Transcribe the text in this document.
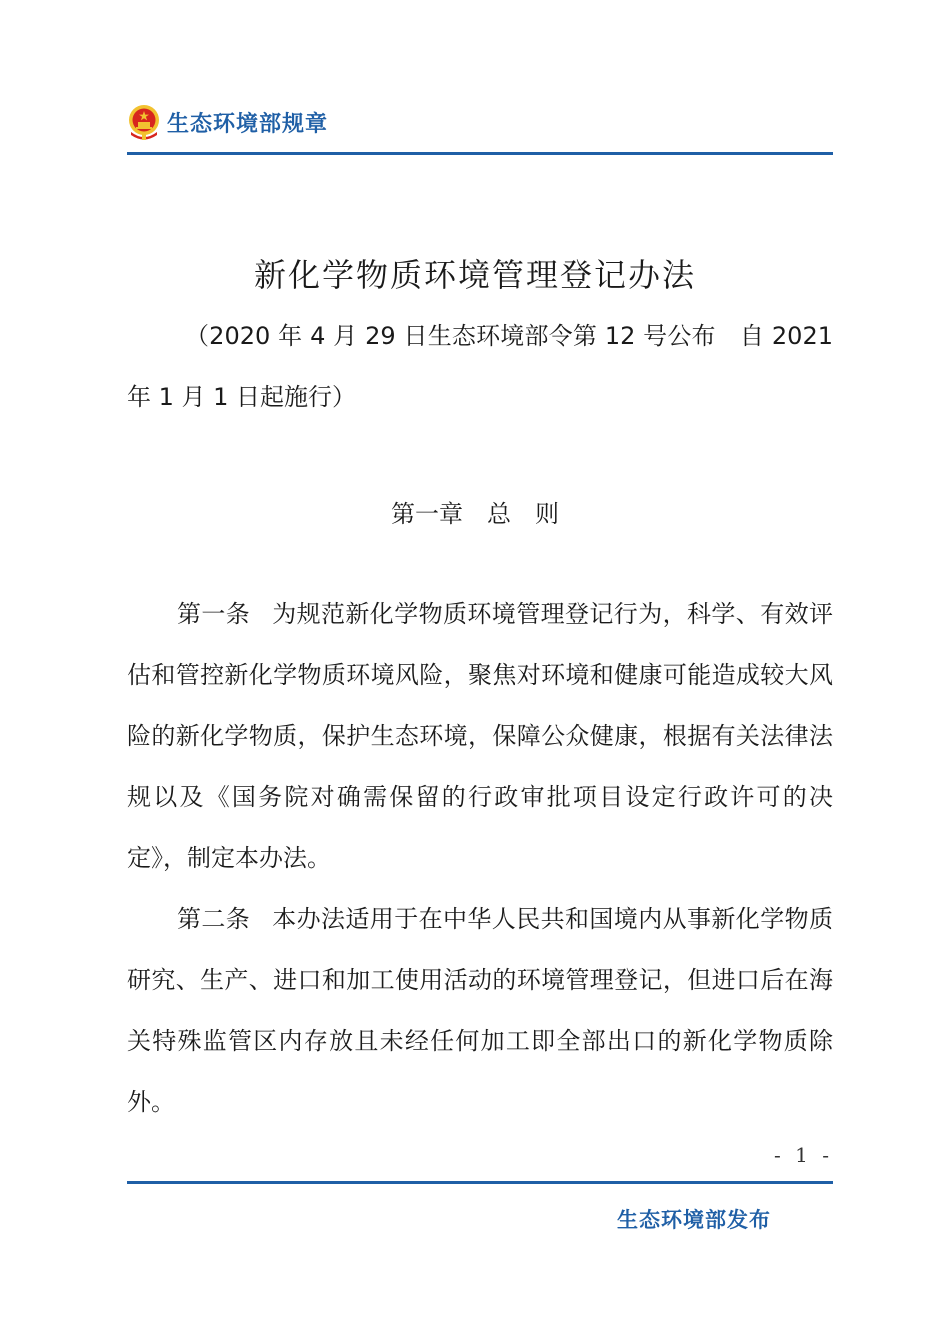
生态环境部规章
新化学物质环境管理登记办法
（2020 年 4 月 29 日生态环境部令第 12 号公布　自 2021 年 1 月 1 日起施行）
第一章　总　则
第一条 为规范新化学物质环境管理登记行为，科学、有效评估和管控新化学物质环境风险，聚焦对环境和健康可能造成较大风险的新化学物质，保护生态环境，保障公众健康，根据有关法律法规以及《国务院对确需保留的行政审批项目设定行政许可的决定》，制定本办法。
第二条 本办法适用于在中华人民共和国境内从事新化学物质研究、生产、进口和加工使用活动的环境管理登记，但进口后在海关特殊监管区内存放且未经任何加工即全部出口的新化学物质除外。
- 1 -
生态环境部发布
